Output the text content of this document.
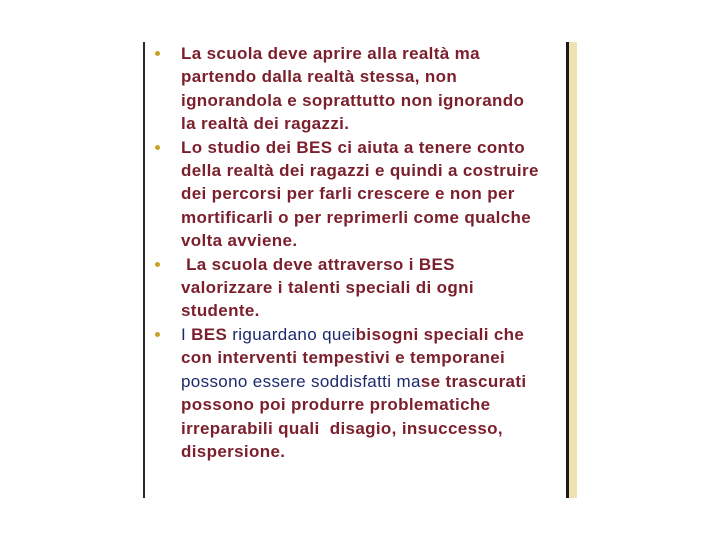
La scuola deve aprire alla realtà ma
partendo dalla realtà stessa, non
ignorandola e soprattutto non ignorando
la realtà dei ragazzi.
Lo studio dei BES ci aiuta a tenere conto
della realtà dei ragazzi e quindi a costruire
dei percorsi per farli crescere e non per
mortificarli o per reprimerli come qualche
volta avviene.
La scuola deve attraverso i BES
valorizzare i talenti speciali di ogni
studente.
I BES riguardano queibisogni speciali che
con interventi tempestivi e temporanei
possono essere soddisfatti mase trascurati
possono poi produrre problematiche
irreparabili quali  disagio, insuccesso,
dispersione.
